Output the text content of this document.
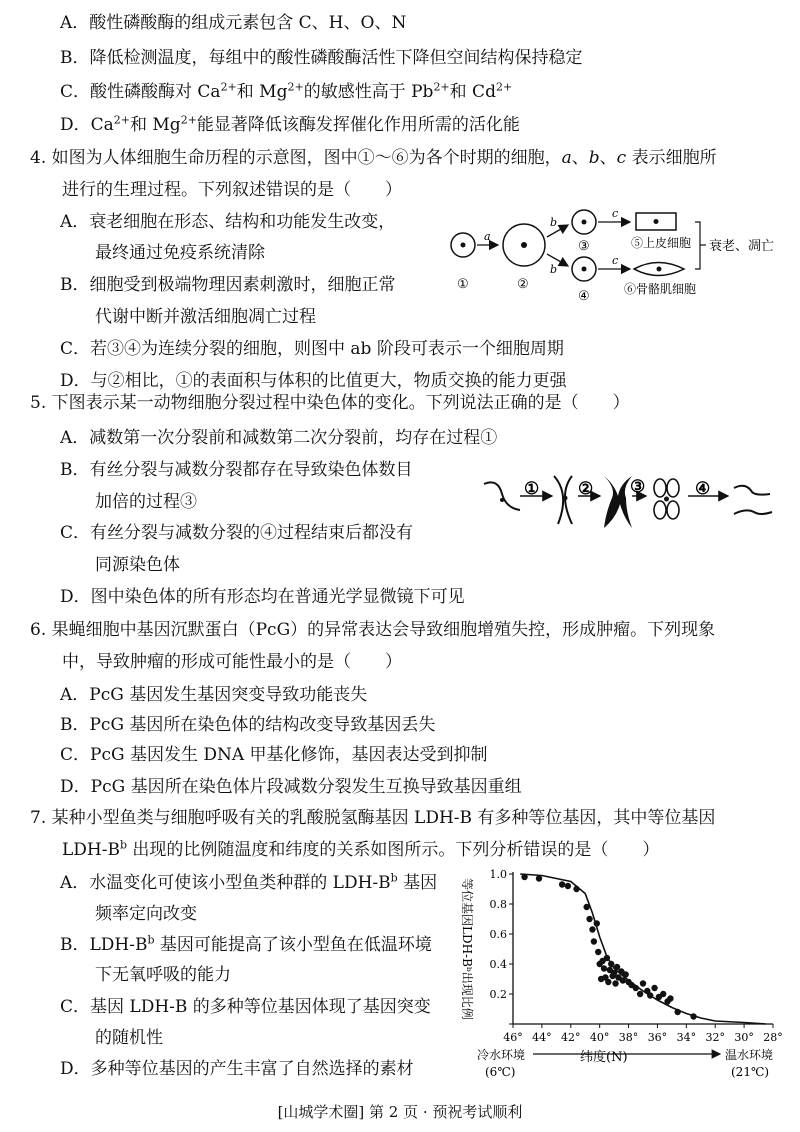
A．酸性磷酸酶的组成元素包含 C、H、O、N
B．降低检测温度，每组中的酸性磷酸酶活性下降但空间结构保持稳定
C．酸性磷酸酶对 $Ca^{2+}$和 $Mg^{2+}$的敏感性高于 $Pb^{2+}$和 $Cd^{2+}$
D．$Ca^{2+}$和 $Mg^{2+}$能显著降低该酶发挥催化作用所需的活化能
4. 如图为人体细胞生命历程的示意图，图中①～⑥为各个时期的细胞，a、b、c 表示细胞所
进行的生理过程。下列叙述错误的是（　　）
A．衰老细胞在形态、结构和功能发生改变，
最终通过免疫系统清除
B．细胞受到极端物理因素刺激时，细胞正常
代谢中断并激活细胞凋亡过程
C．若③④为连续分裂的细胞，则图中 ab 阶段可表示一个细胞周期
D．与②相比，①的表面积与体积的比值更大，物质交换的能力更强
a
b
b
c
c
⑤上皮细胞
⑥骨骼肌细胞
衰老、凋亡
①	②
③
④
5. 下图表示某一动物细胞分裂过程中染色体的变化。下列说法正确的是（　　）
A．减数第一次分裂前和减数第二次分裂前，均存在过程①
B．有丝分裂与减数分裂都存在导致染色体数目
加倍的过程③
C．有丝分裂与减数分裂的④过程结束后都没有
同源染色体
D．图中染色体的所有形态均在普通光学显微镜下可见
① ② ③	④
6. 果蝇细胞中基因沉默蛋白（PcG）的异常表达会导致细胞增殖失控，形成肿瘤。下列现象
中，导致肿瘤的形成可能性最小的是（　　）
A．PcG 基因发生基因突变导致功能丧失
B．PcG 基因所在染色体的结构改变导致基因丢失
C．PcG 基因发生 DNA 甲基化修饰，基因表达受到抑制
D．PcG 基因所在染色体片段减数分裂发生互换导致基因重组
7. 某种小型鱼类与细胞呼吸有关的乳酸脱氢酶基因 LDH-B 有多种等位基因，其中等位基因
LDH-$B^b$ 出现的比例随温度和纬度的关系如图所示。下列分析错误的是（　　）
A．水温变化可使该小型鱼类种群的 LDH-$B^b$ 基因
频率定向改变
B．LDH-$B^b$ 基因可能提高了该小型鱼在低温环境
下无氧呼吸的能力
C．基因 LDH-B 的多种等位基因体现了基因突变
的随机性
D．多种等位基因的产生丰富了自然选择的素材
0.2
0.4
0.6
0.8
1.0
46° 44° 42° 40° 38° 36° 34° 32° 30° 28°
等位基因LDH-Bᵇ出现比例
纬度(N)
冷水环境
(6℃)
温水环境
(21℃)
[山城学术圈] 第 2 页 · 预祝考试顺利
